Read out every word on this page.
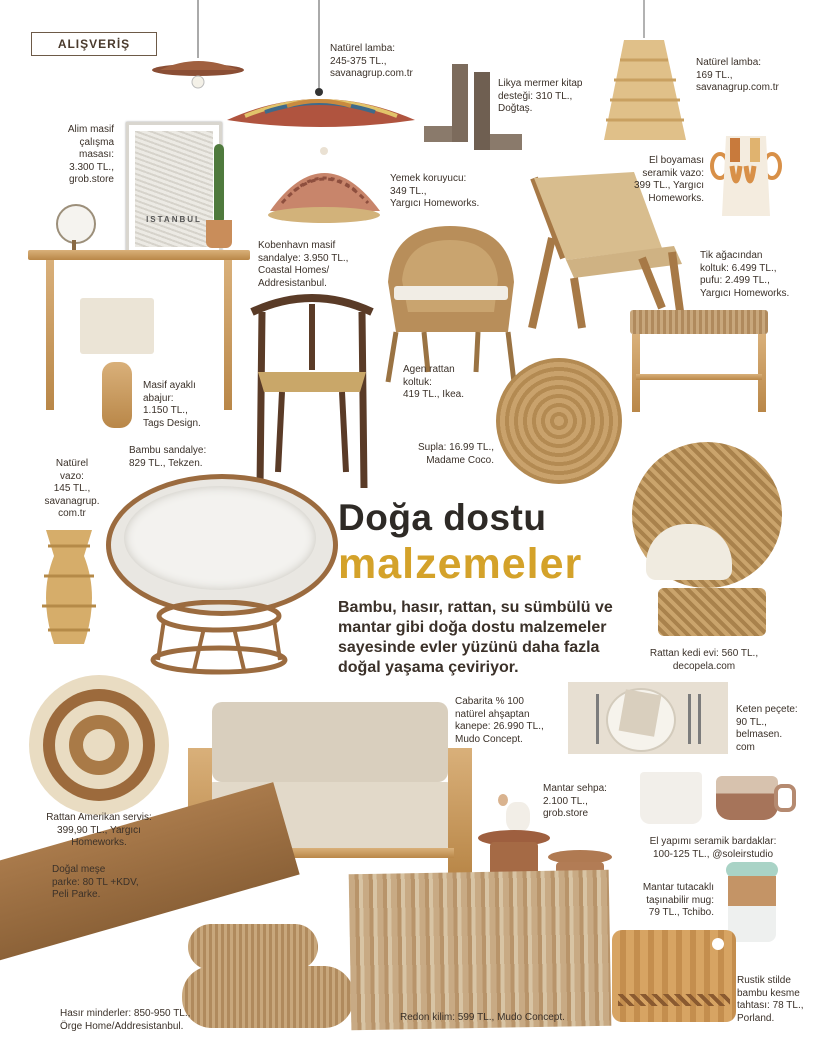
ALIŞVERİŞ
ISTANBUL
Doğa dostu
malzemeler
Bambu, hasır, rattan, su sümbülü ve mantar gibi doğa dostu malzemeler sayesinde evler yüzünü daha fazla doğal yaşama çeviriyor.
Natürel lamba:
245-375 TL.,
savanagrup.com.tr
Likya mermer kitap
desteği: 310 TL.,
Doğtaş.
Natürel lamba:
169 TL.,
savanagrup.com.tr
Alim masif
çalışma
masası:
3.300 TL.,
grob.store	Yemek koruyucu:
349 TL.,
Yargıcı Homeworks.
El boyaması
seramik vazo:
399 TL., Yargıcı
Homeworks.
Kobenhavn masif
sandalye: 3.950 TL.,
Coastal Homes/
Addresistanbul.
Tik ağacından
koltuk: 6.499 TL.,
pufu: 2.499 TL.,
Yargıcı Homeworks.
Masif ayaklı
abajur:
1.150 TL.,
Tags Design.
Agen rattan
koltuk:
419 TL., Ikea.
Bambu sandalye:
829 TL., Tekzen.
Supla: 16.99 TL.,
Madame Coco.
Natürel
vazo:
145 TL.,
savanagrup.
com.tr
Rattan kedi evi: 560 TL.,
decopela.com
Cabarita % 100
natürel ahşaptan
kanepe: 26.990 TL.,
Mudo Concept.
Keten peçete:
90 TL.,
belmasen.
com
Rattan Amerikan servis:
399,90 TL., Yargıcı
Homeworks.
Mantar sehpa:
2.100 TL.,
grob.store
El yapımı seramik bardaklar:
100-125 TL., @soleirstudio
Doğal meşe
parke: 80 TL +KDV,
Peli Parke.
Mantar tutacaklı
taşınabilir mug:
79 TL., Tchibo.
Rustik stilde
bambu kesme
tahtası: 78 TL.,
Porland.
Hasır minderler: 850-950 TL.,
Örge Home/Addresistanbul.
Redon kilim: 599 TL., Mudo Concept.
